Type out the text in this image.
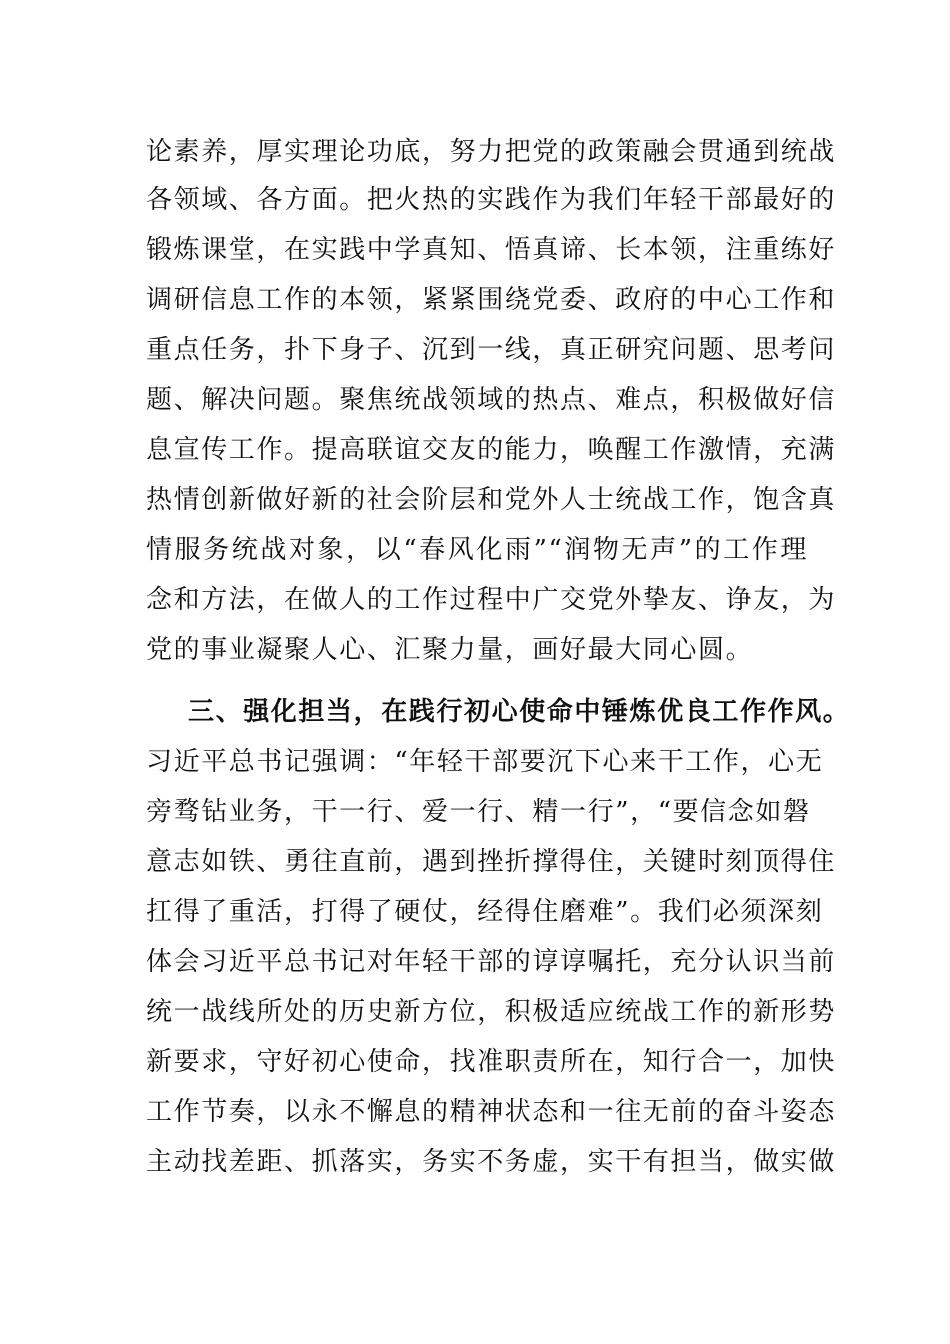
论素养，厚实理论功底，努力把党的政策融会贯通到统战
各领域、各方面。把火热的实践作为我们年轻干部最好的
锻炼课堂，在实践中学真知、悟真谛、长本领，注重练好
调研信息工作的本领，紧紧围绕党委、政府的中心工作和
重点任务，扑下身子、沉到一线，真正研究问题、思考问
题、解决问题。聚焦统战领域的热点、难点，积极做好信
息宣传工作。提高联谊交友的能力，唤醒工作激情，充满
热情创新做好新的社会阶层和党外人士统战工作，饱含真
情服务统战对象，以“春风化雨”“润物无声”的工作理
念和方法，在做人的工作过程中广交党外挚友、诤友，为
党的事业凝聚人心、汇聚力量，画好最大同心圆。
三、强化担当，在践行初心使命中锤炼优良工作作风。
习近平总书记强调：“年轻干部要沉下心来干工作，心无
旁骛钻业务，干一行、爱一行、精一行”，“要信念如磐
意志如铁、勇往直前，遇到挫折撑得住，关键时刻顶得住
扛得了重活，打得了硬仗，经得住磨难”。我们必须深刻
体会习近平总书记对年轻干部的谆谆嘱托，充分认识当前
统一战线所处的历史新方位，积极适应统战工作的新形势
新要求，守好初心使命，找准职责所在，知行合一，加快
工作节奏，以永不懈息的精神状态和一往无前的奋斗姿态
主动找差距、抓落实，务实不务虚，实干有担当，做实做
